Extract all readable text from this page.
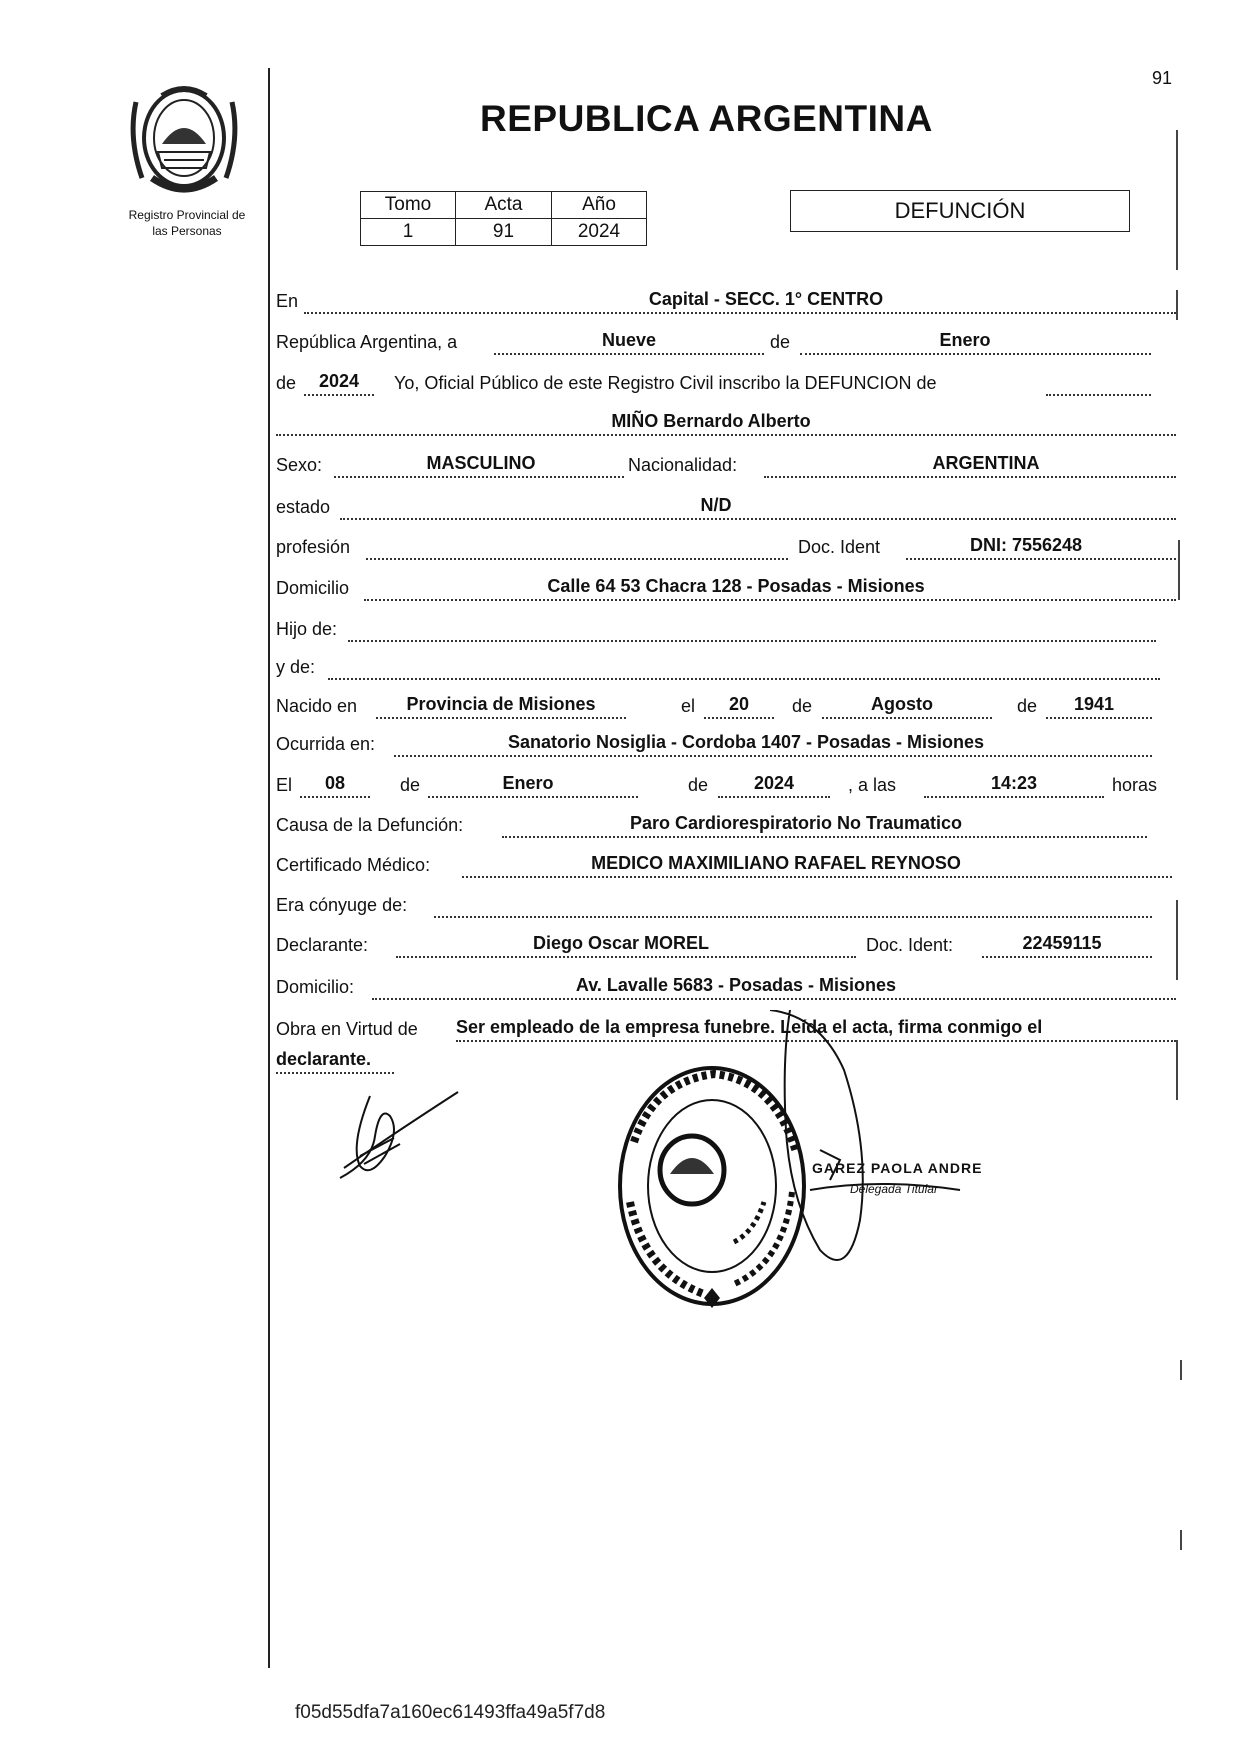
91
Registro Provincial de
las Personas
REPUBLICA ARGENTINA
Tomo	Acta	Año
1	91	2024
DEFUNCIÓN
En	Capital - SECC. 1° CENTRO
República Argentina, a	Nueve	de	Enero
de	2024	Yo, Oficial Público de este Registro Civil inscribo la DEFUNCION de
MIÑO Bernardo Alberto
Sexo:	MASCULINO	Nacionalidad:	ARGENTINA
estado	N/D
profesión	Doc. Ident	DNI: 7556248
Domicilio	Calle 64 53 Chacra 128 - Posadas - Misiones
Hijo de:
y de:
Nacido en	Provincia de Misiones	el	20	de	Agosto	de	1941
Ocurrida en:	Sanatorio Nosiglia - Cordoba 1407 - Posadas - Misiones
El	08	de	Enero	de	2024	, a las	14:23	horas
Causa de la Defunción:	Paro Cardiorespiratorio No Traumatico
Certificado Médico:	MEDICO MAXIMILIANO RAFAEL REYNOSO
Era cónyuge de:
Declarante:	Diego Oscar MOREL	Doc. Ident:	22459115
Domicilio:	Av. Lavalle 5683 - Posadas - Misiones
Obra en Virtud de Ser empleado de la empresa funebre. Leída el acta, firma conmigo el
declarante.
GAREZ PAOLA ANDRE
Delegada Titular
f05d55dfa7a160ec61493ffa49a5f7d8
